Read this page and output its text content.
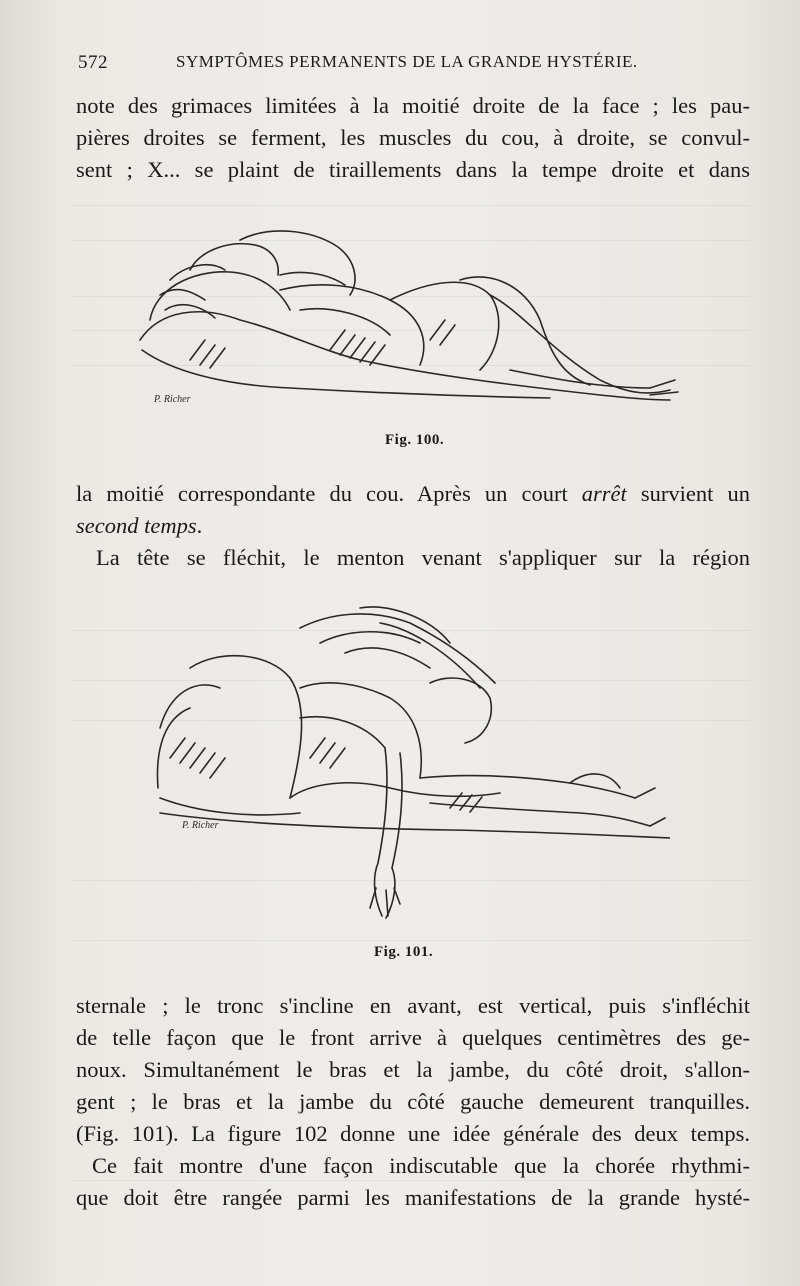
572	SYMPTÔMES PERMANENTS DE LA GRANDE HYSTÉRIE.
note des grimaces limitées à la moitié droite de la face ; les pau-
pières droites se ferment, les muscles du cou, à droite, se convul-
sent ; X... se plaint de tiraillements dans la tempe droite et dans
P. Richer
Fig. 100.
la moitié correspondante du cou. Après un court arrêt survient un
second temps.
La tête se fléchit, le menton venant s'appliquer sur la région
P. Richer
Fig. 101.
sternale ; le tronc s'incline en avant, est vertical, puis s'infléchit
de telle façon que le front arrive à quelques centimètres des ge-
noux. Simultanément le bras et la jambe, du côté droit, s'allon-
gent ; le bras et la jambe du côté gauche demeurent tranquilles.
(Fig. 101). La figure 102 donne une idée générale des deux temps.
Ce fait montre d'une façon indiscutable que la chorée rhythmi-
que doit être rangée parmi les manifestations de la grande hysté-
